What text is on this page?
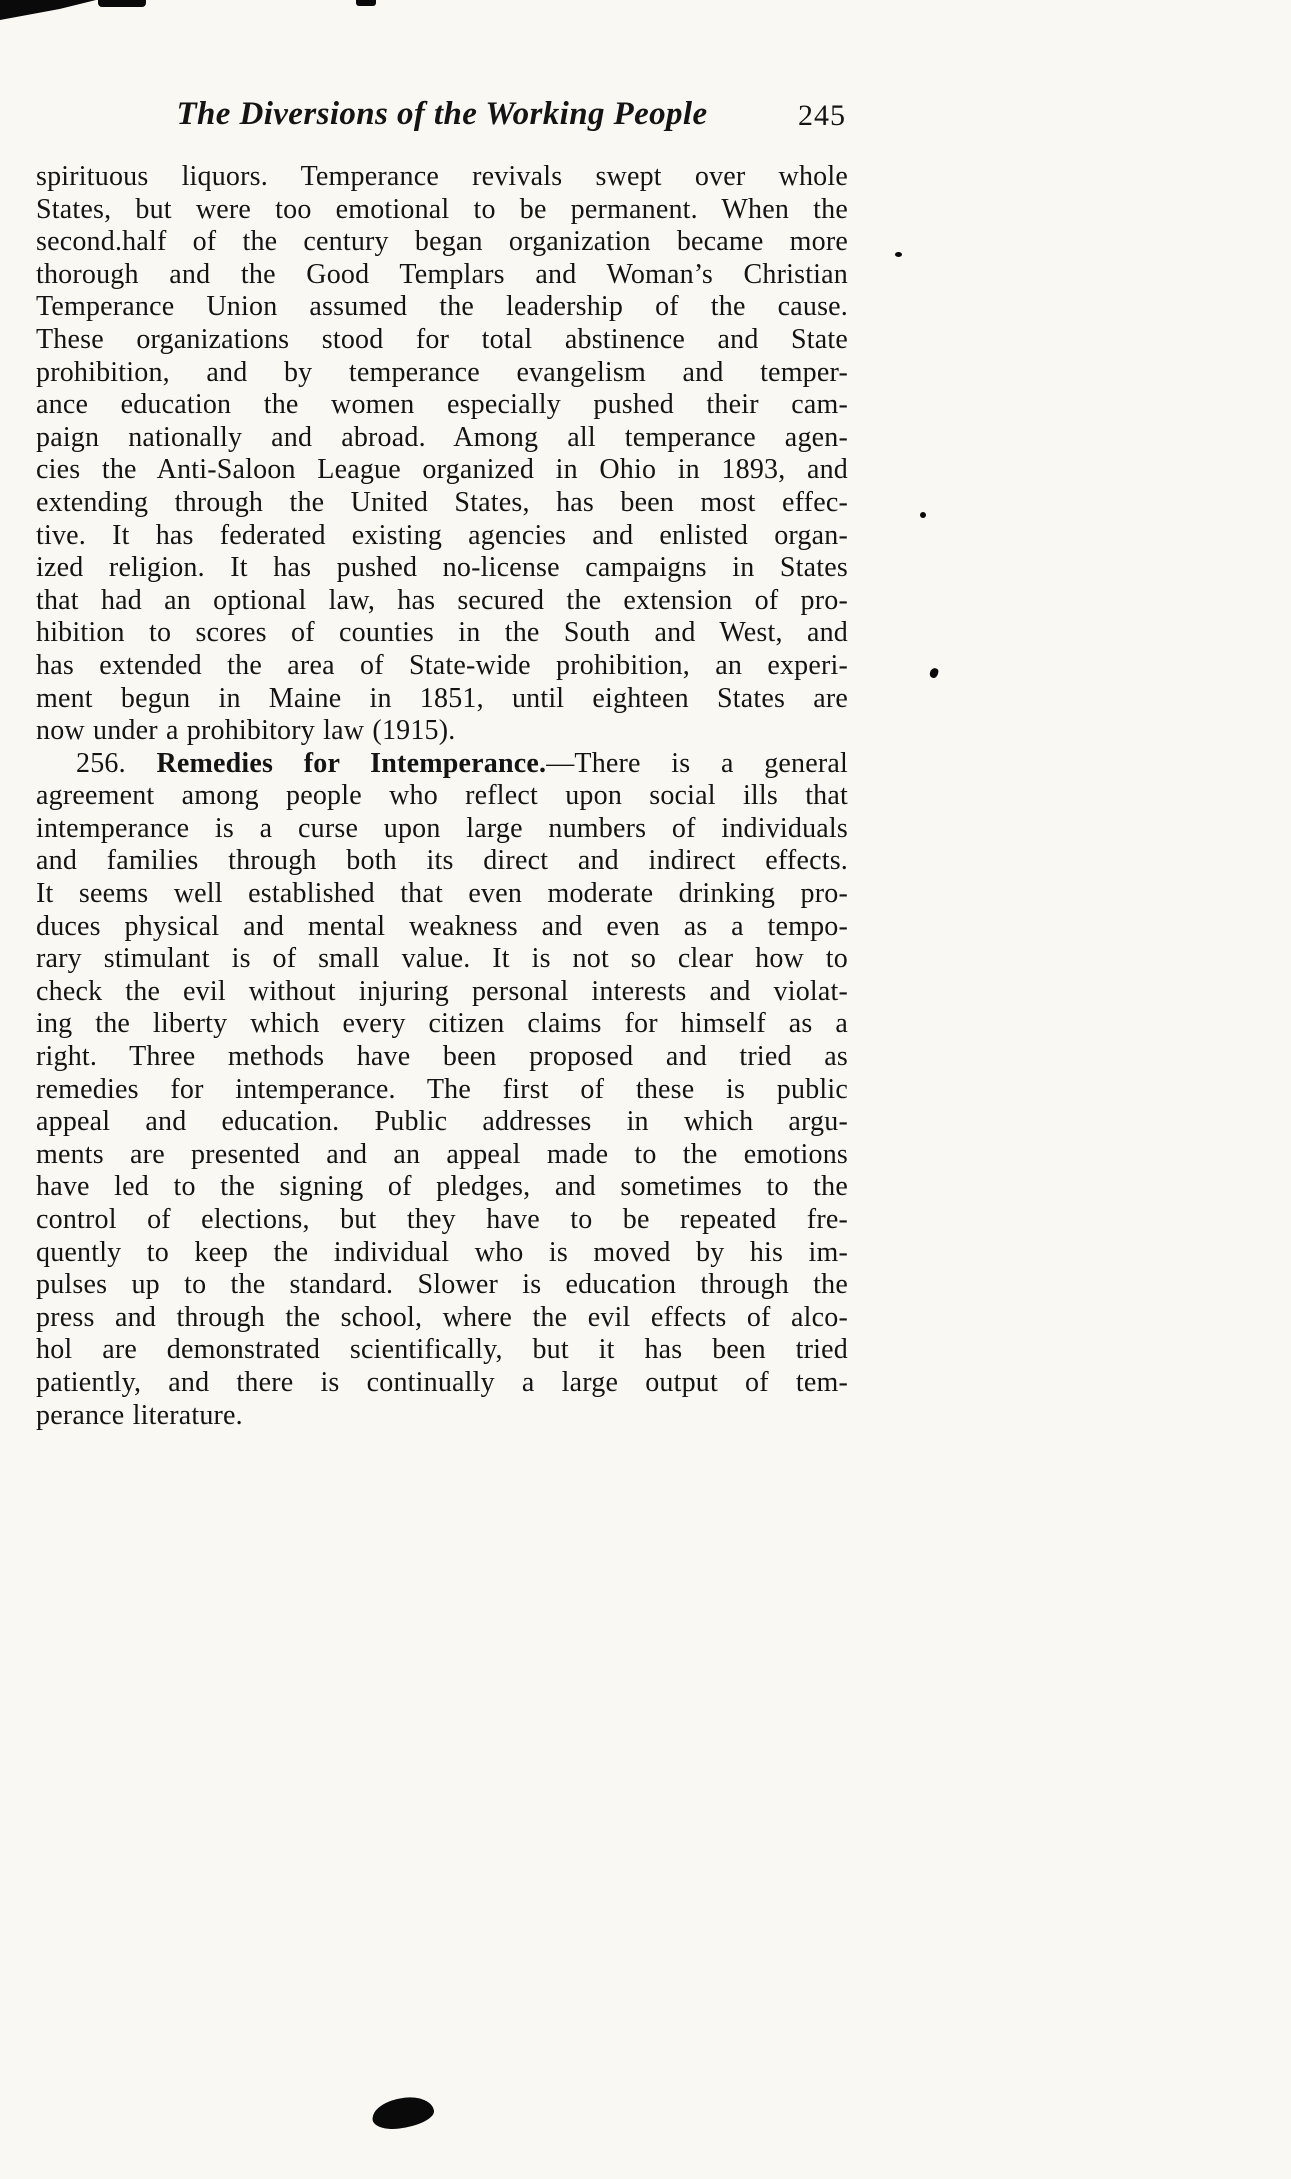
The Diversions of the Working People	245
spirituous liquors. Temperance revivals swept over whole
States, but were too emotional to be permanent. When the
second.half of the century began organization became more
thorough and the Good Templars and Woman’s Christian
Temperance Union assumed the leadership of the cause.
These organizations stood for total abstinence and State
prohibition, and by temperance evangelism and temper-
ance education the women especially pushed their cam-
paign nationally and abroad. Among all temperance agen-
cies the Anti-Saloon League organized in Ohio in 1893, and
extending through the United States, has been most effec-
tive. It has federated existing agencies and enlisted organ-
ized religion. It has pushed no-license campaigns in States
that had an optional law, has secured the extension of pro-
hibition to scores of counties in the South and West, and
has extended the area of State-wide prohibition, an experi-
ment begun in Maine in 1851, until eighteen States are
now under a prohibitory law (1915).
256. Remedies for Intemperance.—There is a general
agreement among people who reflect upon social ills that
intemperance is a curse upon large numbers of individuals
and families through both its direct and indirect effects.
It seems well established that even moderate drinking pro-
duces physical and mental weakness and even as a tempo-
rary stimulant is of small value. It is not so clear how to
check the evil without injuring personal interests and violat-
ing the liberty which every citizen claims for himself as a
right. Three methods have been proposed and tried as
remedies for intemperance. The first of these is public
appeal and education. Public addresses in which argu-
ments are presented and an appeal made to the emotions
have led to the signing of pledges, and sometimes to the
control of elections, but they have to be repeated fre-
quently to keep the individual who is moved by his im-
pulses up to the standard. Slower is education through the
press and through the school, where the evil effects of alco-
hol are demonstrated scientifically, but it has been tried
patiently, and there is continually a large output of tem-
perance literature.
